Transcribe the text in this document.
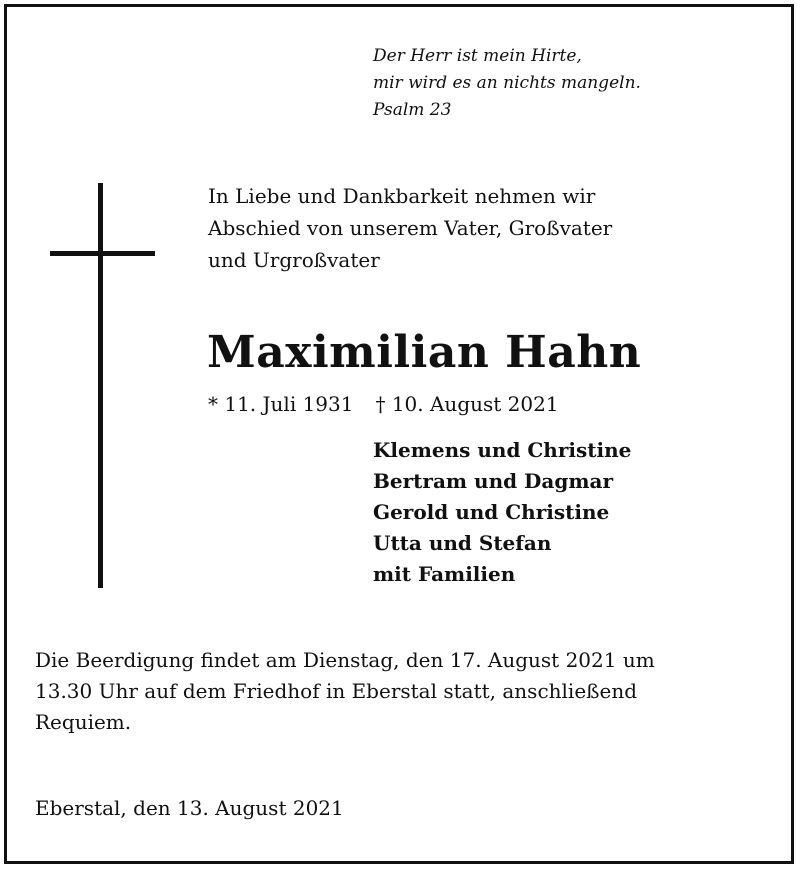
Der Herr ist mein Hirte,
mir wird es an nichts mangeln.
Psalm 23
In Liebe und Dankbarkeit nehmen wir
Abschied von unserem Vater, Großvater
und Urgroßvater
Maximilian Hahn
* 11. Juli 1931 † 10. August 2021
Klemens und Christine
Bertram und Dagmar
Gerold und Christine
Utta und Stefan
mit Familien
Die Beerdigung findet am Dienstag, den 17. August 2021 um
13.30 Uhr auf dem Friedhof in Eberstal statt, anschließend
Requiem.
Eberstal, den 13. August 2021
